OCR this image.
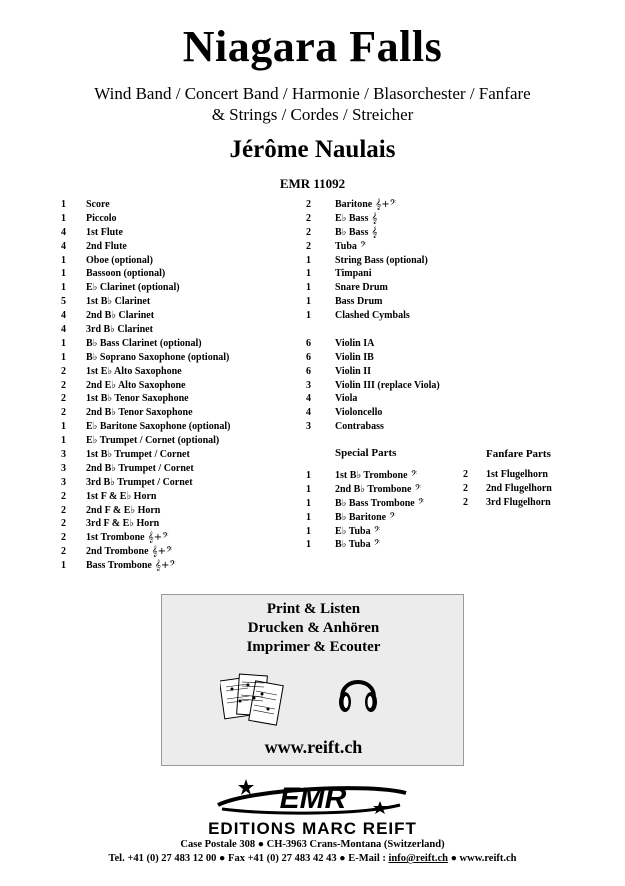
Niagara Falls
Wind Band / Concert Band / Harmonie / Blasorchester / Fanfare
& Strings / Cordes / Streicher
Jérôme Naulais
EMR 11092
1 Score
1 Piccolo
4 1st Flute
4 2nd Flute
1 Oboe (optional)
1 Bassoon (optional)
1 E♭ Clarinet (optional)
5 1st B♭ Clarinet
4 2nd B♭ Clarinet
4 3rd B♭ Clarinet
1 B♭ Bass Clarinet (optional)
1 B♭ Soprano Saxophone (optional)
2 1st E♭ Alto Saxophone
2 2nd E♭ Alto Saxophone
2 1st B♭ Tenor Saxophone
2 2nd B♭ Tenor Saxophone
1 E♭ Baritone Saxophone (optional)
1 E♭ Trumpet / Cornet (optional)
3 1st B♭ Trumpet / Cornet
3 2nd B♭ Trumpet / Cornet
3 3rd B♭ Trumpet / Cornet
2 1st F & E♭ Horn
2 2nd F & E♭ Horn
2 3rd F & E♭ Horn
2 1st Trombone 𝄞+𝄢
2 2nd Trombone 𝄞+𝄢
1 Bass Trombone 𝄞+𝄢
2 Baritone 𝄞+𝄢
2 E♭ Bass 𝄞
2 B♭ Bass 𝄞
2 Tuba 𝄢
1 String Bass (optional)
1 Timpani
1 Snare Drum
1 Bass Drum
1 Clashed Cymbals
6 Violin IA
6 Violin IB
6 Violin II
3 Violin III (replace Viola)
4 Viola
4 Violoncello
3 Contrabass
Special Parts	Fanfare Parts
1 1st B♭ Trombone 𝄢
1 2nd B♭ Trombone 𝄢
1 B♭ Bass Trombone 𝄢
1 B♭ Baritone 𝄢
1 E♭ Tuba 𝄢
1 B♭ Tuba 𝄢
2 1st Flugelhorn
2 2nd Flugelhorn
2 3rd Flugelhorn
Print & Listen
Drucken & Anhören
Imprimer & Ecouter
www.reift.ch
EMR
EDITIONS MARC REIFT
Case Postale 308 ● CH-3963 Crans-Montana (Switzerland)
Tel. +41 (0) 27 483 12 00 ● Fax +41 (0) 27 483 42 43 ● E-Mail : info@reift.ch ● www.reift.ch
